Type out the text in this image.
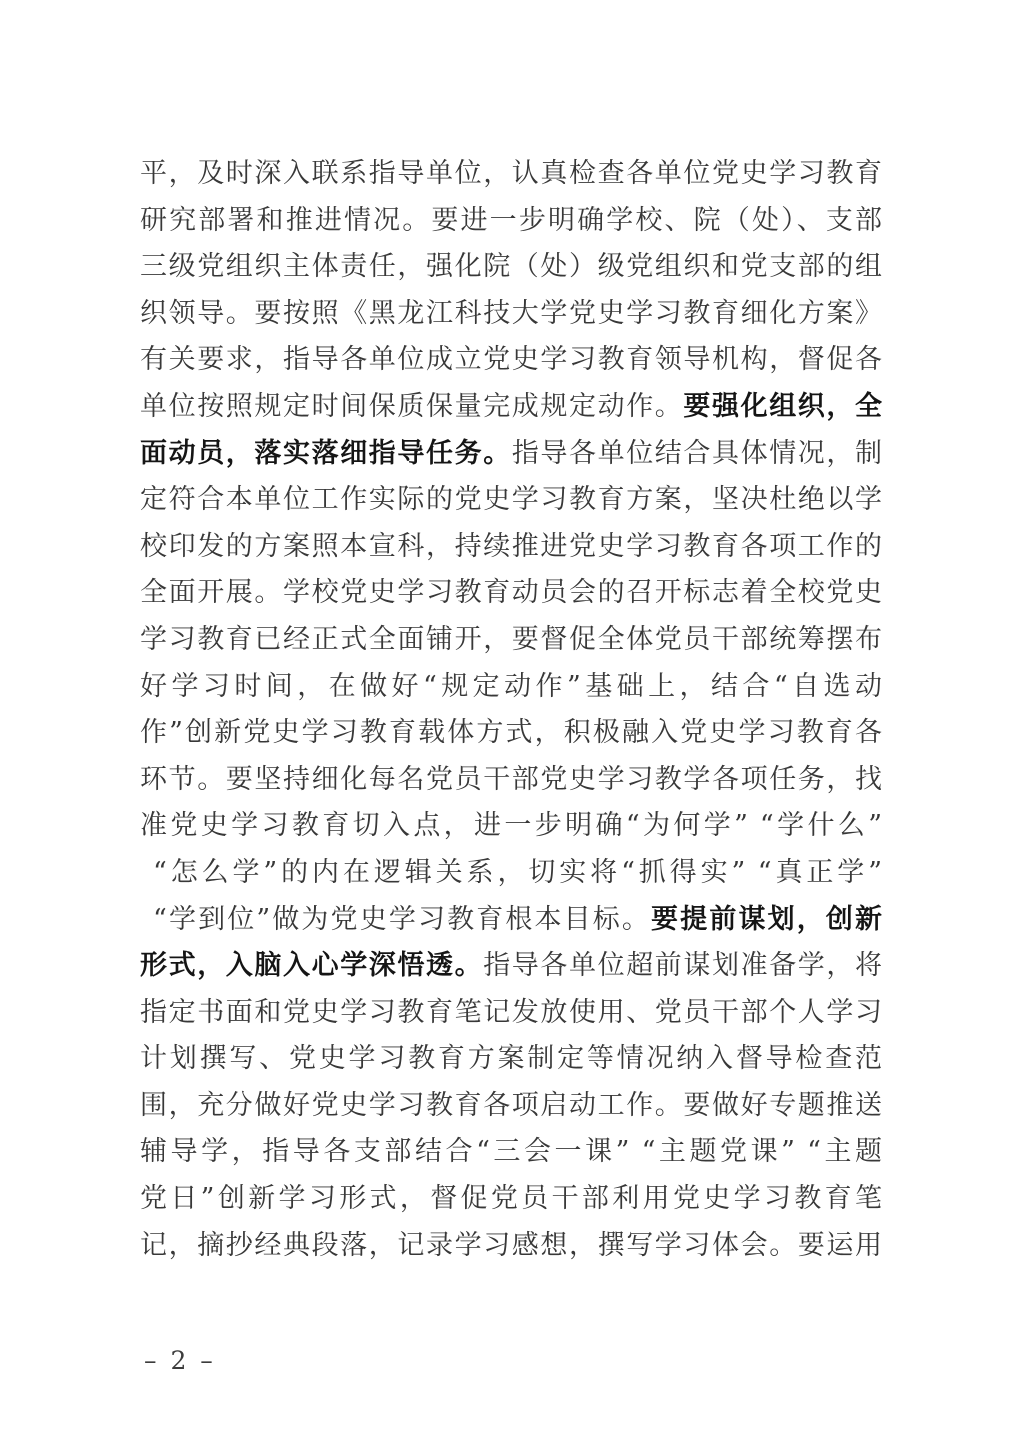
平，及时深入联系指导单位，认真检查各单位党史学习教育
研究部署和推进情况。要进一步明确学校、院（处）、支部
三级党组织主体责任，强化院（处）级党组织和党支部的组
织领导。要按照《黑龙江科技大学党史学习教育细化方案》
有关要求，指导各单位成立党史学习教育领导机构，督促各
单位按照规定时间保质保量完成规定动作。要强化组织，全
面动员，落实落细指导任务。指导各单位结合具体情况，制
定符合本单位工作实际的党史学习教育方案，坚决杜绝以学
校印发的方案照本宣科，持续推进党史学习教育各项工作的
全面开展。学校党史学习教育动员会的召开标志着全校党史
学习教育已经正式全面铺开，要督促全体党员干部统筹摆布
好学习时间，在做好“规定动作”基础上，结合“自选动
作”创新党史学习教育载体方式，积极融入党史学习教育各
环节。要坚持细化每名党员干部党史学习教学各项任务，找
准党史学习教育切入点，进一步明确“为何学” “学什么”
“怎么学”的内在逻辑关系，切实将“抓得实” “真正学”
“学到位”做为党史学习教育根本目标。要提前谋划，创新
形式，入脑入心学深悟透。指导各单位超前谋划准备学，将
指定书面和党史学习教育笔记发放使用、党员干部个人学习
计划撰写、党史学习教育方案制定等情况纳入督导检查范
围，充分做好党史学习教育各项启动工作。要做好专题推送
辅导学，指导各支部结合“三会一课” “主题党课” “主题
党日”创新学习形式，督促党员干部利用党史学习教育笔
记，摘抄经典段落，记录学习感想，撰写学习体会。要运用
– 2 –
